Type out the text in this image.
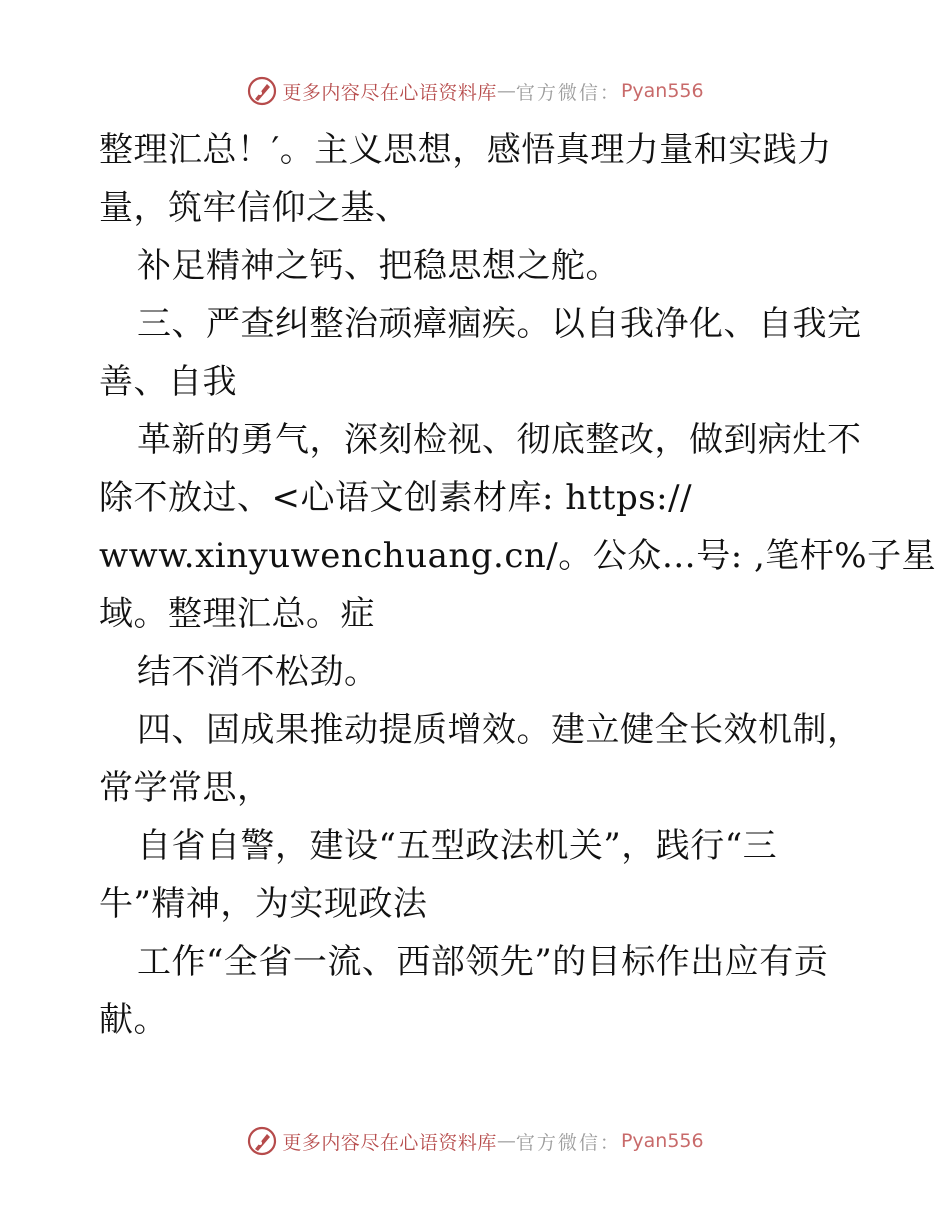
更多内容尽在心语资料库 — 官方微信： Pyan556
整理汇总！′。主义思想，感悟真理力量和实践力
量，筑牢信仰之基、
补足精神之钙、把稳思想之舵。
三、严查纠整治顽瘴痼疾。以自我净化、自我完
善、自我
革新的勇气，深刻检视、彻底整改，做到病灶不
除不放过、<心语文创素材库: https://
www.xinyuwenchuang.cn/。公众…号: ,笔杆%子星
域。整理汇总。症
结不消不松劲。
四、固成果推动提质增效。建立健全长效机制，
常学常思，
自省自警，建设“五型政法机关”，践行“三
牛”精神，为实现政法
工作“全省一流、西部领先”的目标作出应有贡
献。
更多内容尽在心语资料库 — 官方微信： Pyan556
